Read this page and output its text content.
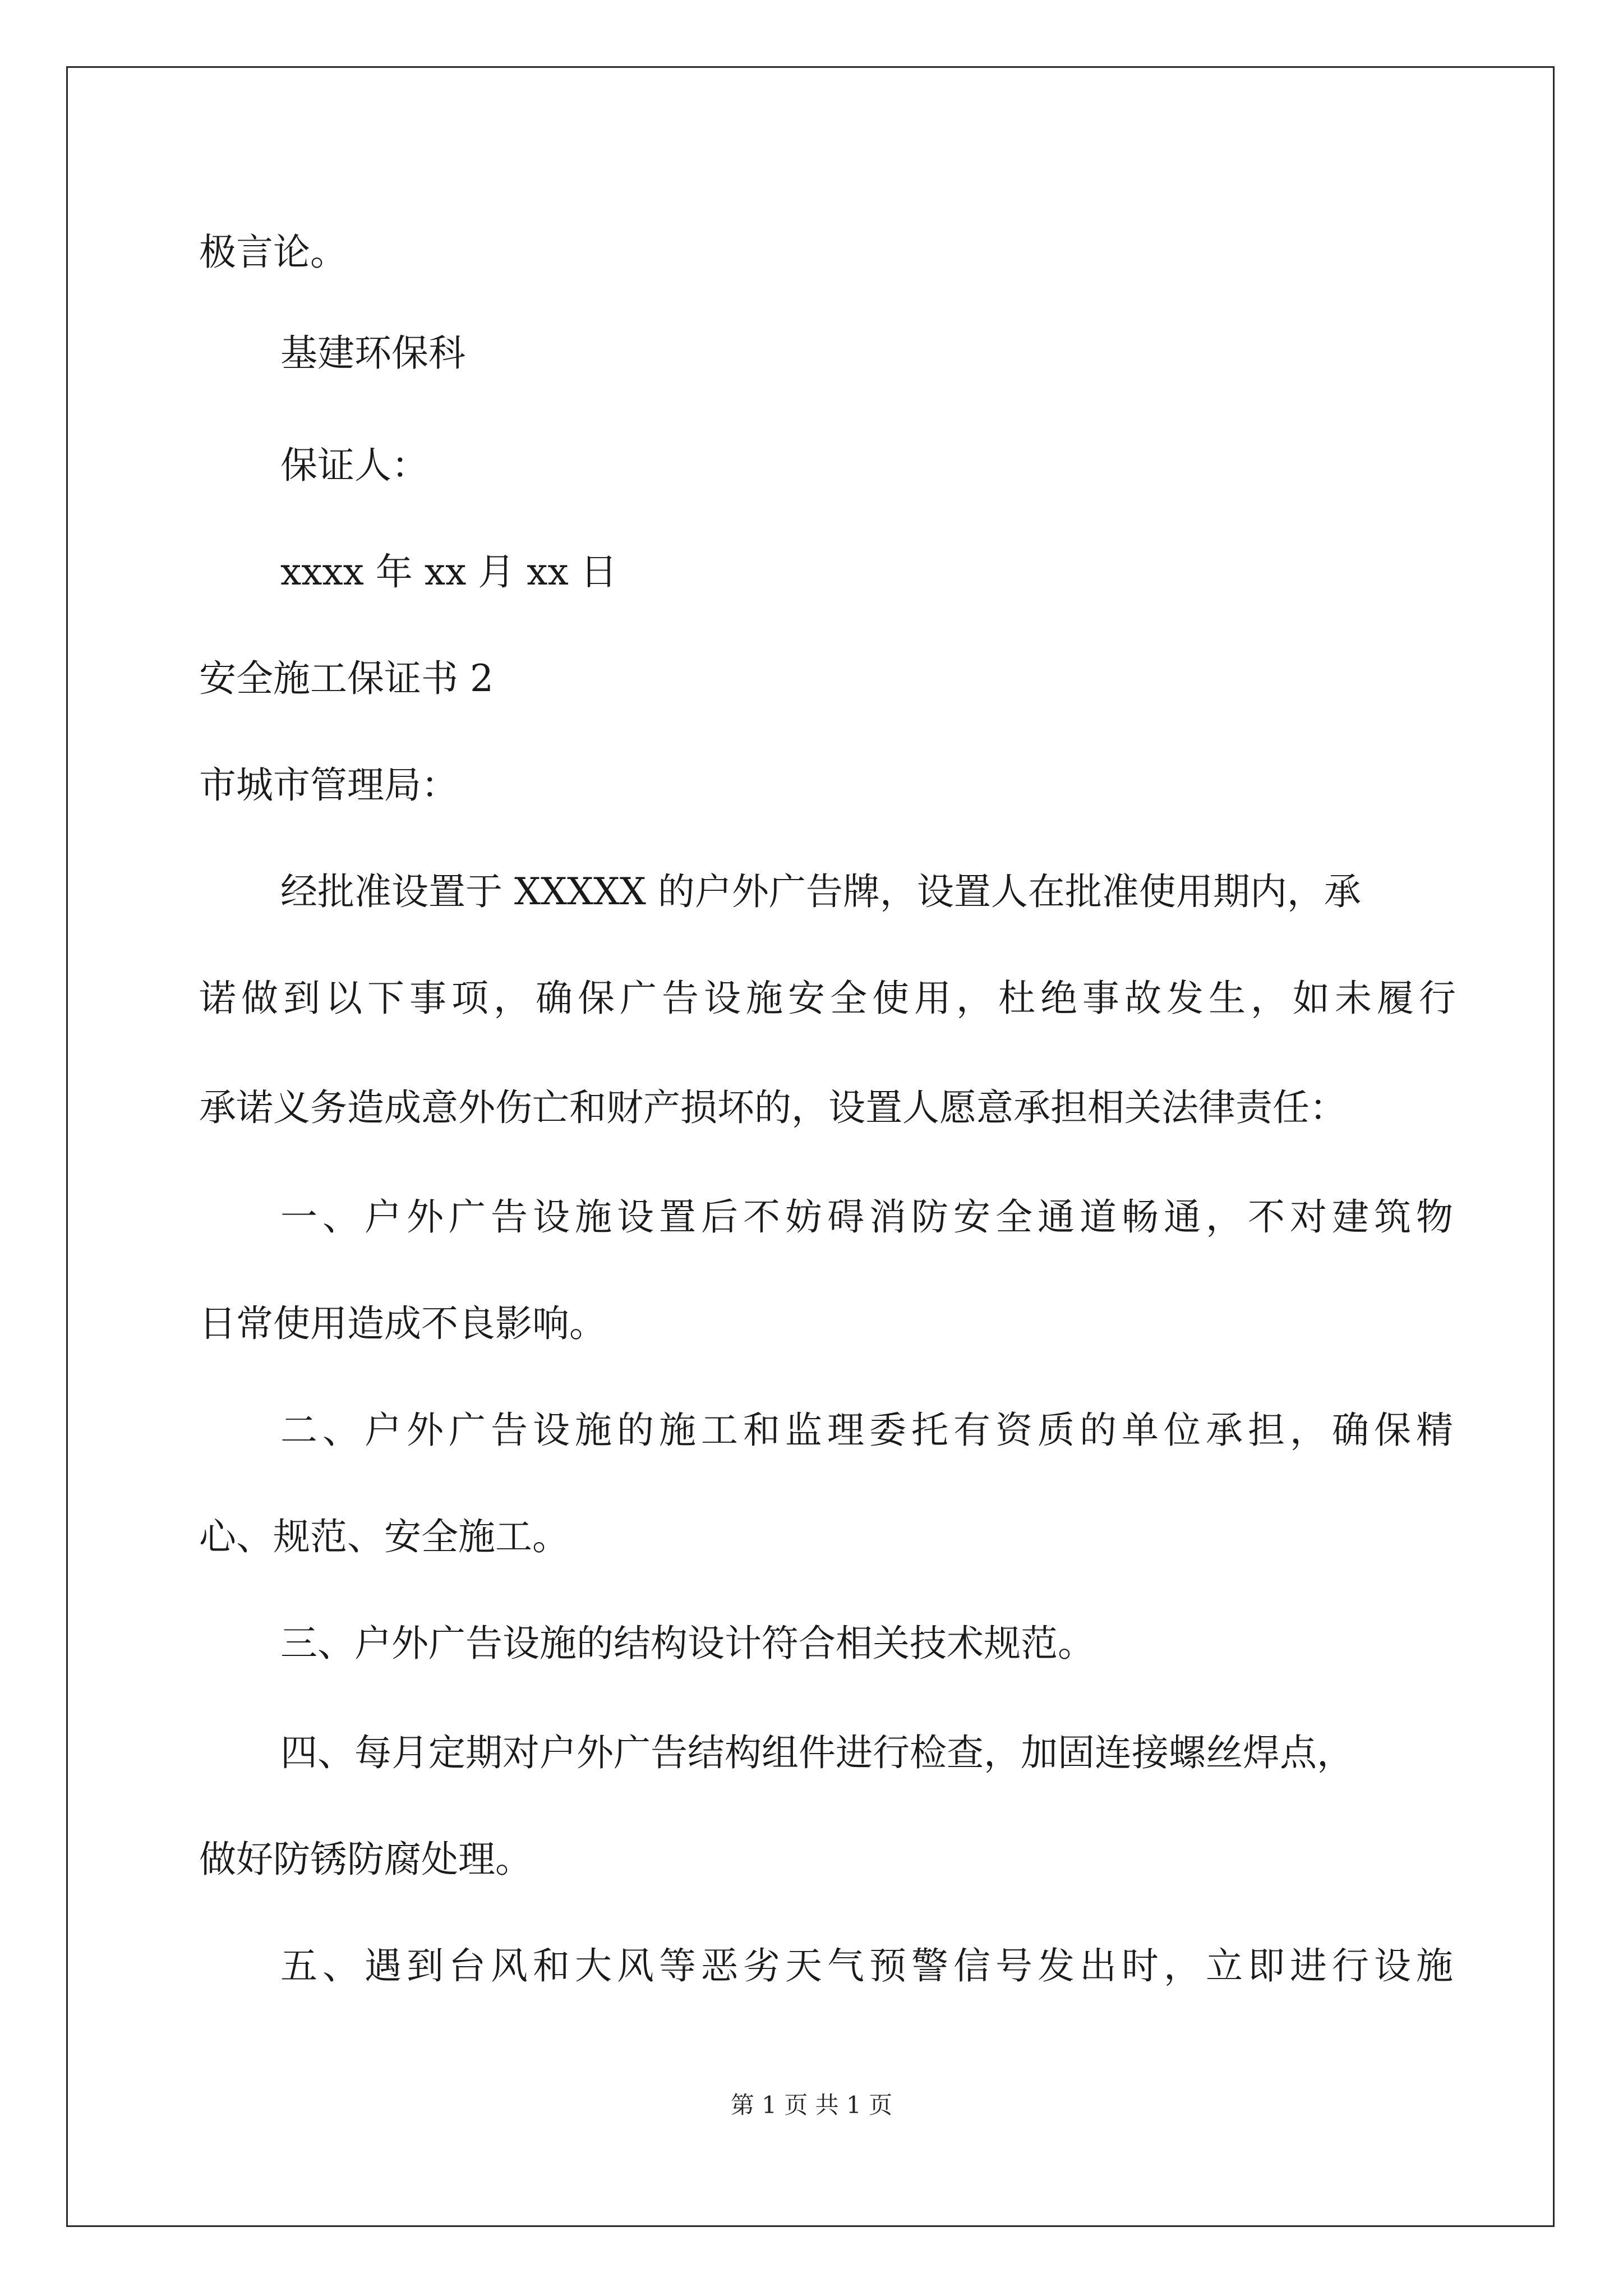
极言论。
基建环保科
保证人：
xxxx 年 xx 月 xx 日
安全施工保证书 2
市城市管理局：
经批准设置于 XXXXX 的户外广告牌，设置人在批准使用期内，承
诺做到以下事项，确保广告设施安全使用，杜绝事故发生，如未履行
承诺义务造成意外伤亡和财产损坏的，设置人愿意承担相关法律责任：
一、户外广告设施设置后不妨碍消防安全通道畅通，不对建筑物
日常使用造成不良影响。
二、户外广告设施的施工和监理委托有资质的单位承担，确保精
心、规范、安全施工。
三、户外广告设施的结构设计符合相关技术规范。
四、每月定期对户外广告结构组件进行检查，加固连接螺丝焊点，
做好防锈防腐处理。
五、遇到台风和大风等恶劣天气预警信号发出时，立即进行设施
第 1 页 共 1 页
